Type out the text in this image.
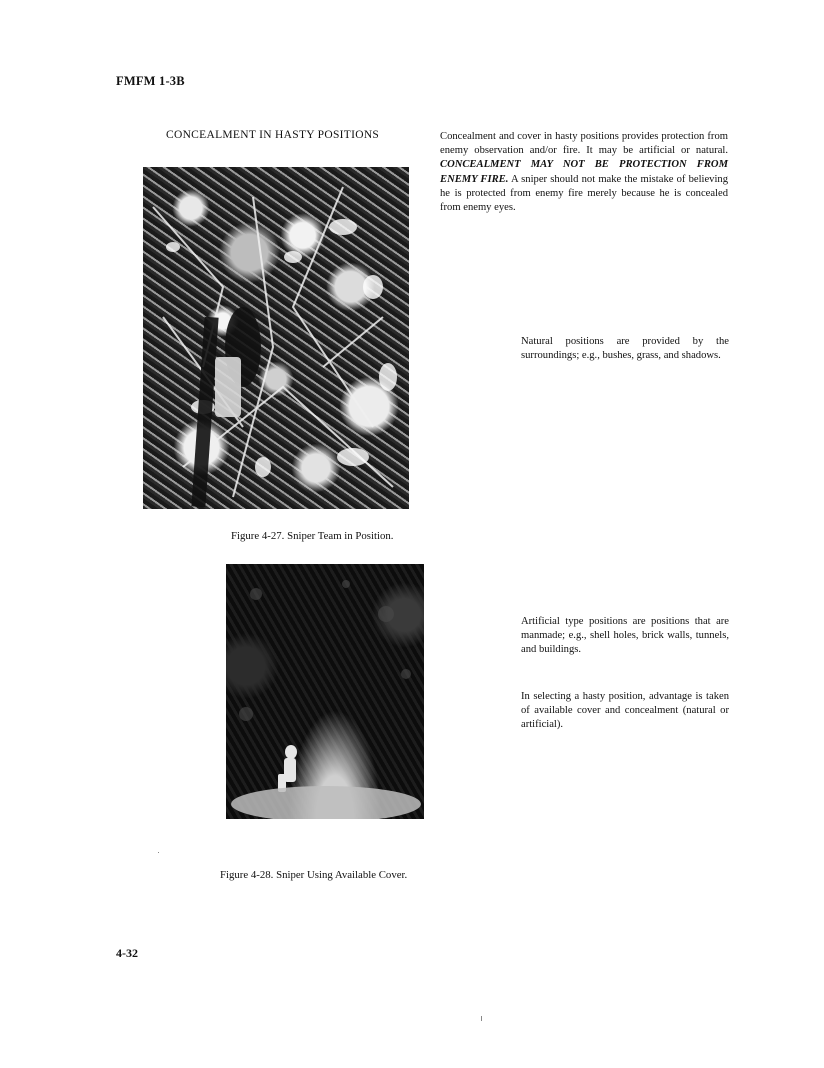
FMFM 1-3B
CONCEALMENT IN HASTY POSITIONS	Concealment and cover in hasty positions provides protection from enemy observation and/or fire. It may be artificial or natural. CONCEALMENT MAY NOT BE PROTECTION FROM ENEMY FIRE. A sniper should not make the mistake of believing he is protected from enemy fire merely because he is concealed from enemy eyes.
Figure 4-27. Sniper Team in Position.
Natural positions are provided by the surroundings; e.g., bushes, grass, and shadows.
Artificial type positions are positions that are manmade; e.g., shell holes, brick walls, tunnels, and buildings.
In selecting a hasty position, advantage is taken of available cover and concealment (natural or artificial).
Figure 4-28. Sniper Using Available Cover.
4-32
